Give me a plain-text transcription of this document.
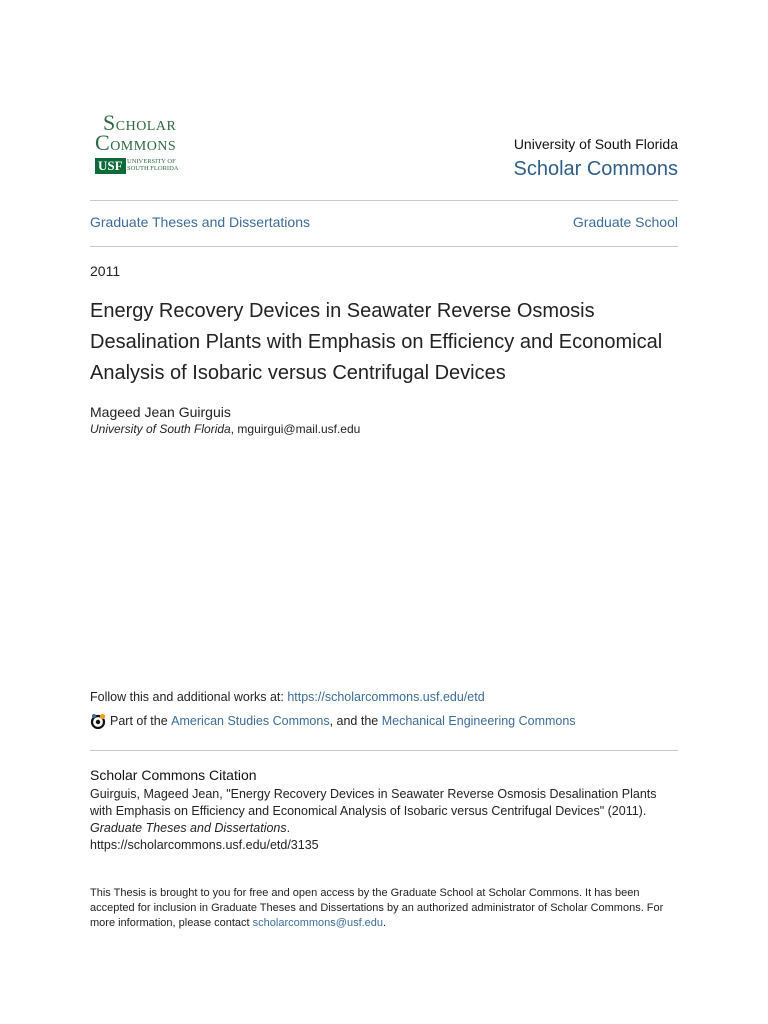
SCHOLAR
COMMONS
USF UNIVERSITY OF
SOUTH FLORIDA
University of South Florida
Scholar Commons
Graduate Theses and Dissertations	Graduate School
2011
Energy Recovery Devices in Seawater Reverse Osmosis Desalination Plants with Emphasis on Efficiency and Economical Analysis of Isobaric versus Centrifugal Devices
Mageed Jean Guirguis
University of South Florida, mguirgui@mail.usf.edu
Follow this and additional works at: https://scholarcommons.usf.edu/etd
Part of the
American Studies Commons , and the Mechanical Engineering Commons
Scholar Commons Citation

Guirguis, Mageed Jean, "Energy Recovery Devices in Seawater Reverse Osmosis Desalination Plants with Emphasis on Efficiency and Economical Analysis of Isobaric versus Centrifugal Devices" (2011). Graduate Theses and Dissertations.

https://scholarcommons.usf.edu/etd/3135

This Thesis is brought to you for free and open access by the Graduate School at Scholar Commons. It has been accepted for inclusion in Graduate Theses and Dissertations by an authorized administrator of Scholar Commons. For more information, please contact scholarcommons@usf.edu.
